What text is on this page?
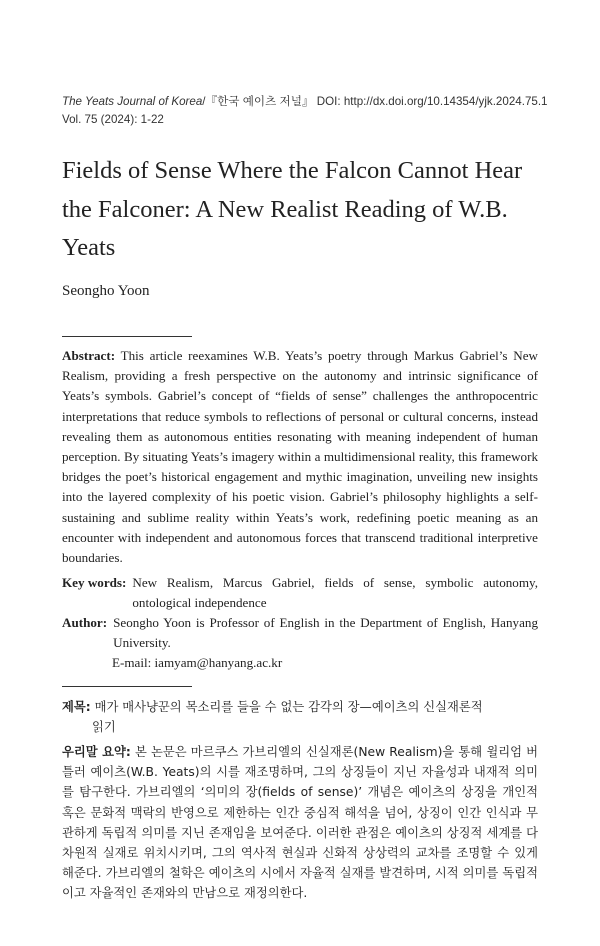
The Yeats Journal of Korea/『한국 예이츠 저널』 DOI: http://dx.doi.org/10.14354/yjk.2024.75.1
Vol. 75 (2024): 1-22
Fields of Sense Where the Falcon Cannot Hear the Falconer: A New Realist Reading of W.B. Yeats
Seongho Yoon
Abstract: This article reexamines W.B. Yeats’s poetry through Markus Gabriel’s New Realism, providing a fresh perspective on the autonomy and intrinsic significance of Yeats’s symbols. Gabriel’s concept of “fields of sense” challenges the anthropocentric interpretations that reduce symbols to reflections of personal or cultural concerns, instead revealing them as autonomous entities resonating with meaning independent of human perception. By situating Yeats’s imagery within a multidimensional reality, this framework bridges the poet’s historical engagement and mythic imagination, unveiling new insights into the layered complexity of his poetic vision. Gabriel’s philosophy highlights a self-sustaining and sublime reality within Yeats’s work, redefining poetic meaning as an encounter with independent and autonomous forces that transcend traditional interpretive boundaries.
Key words: New Realism, Marcus Gabriel, fields of sense, symbolic autonomy, ontological independence
Author: Seongho Yoon is Professor of English in the Department of English, Hanyang University.
E-mail: iamyam@hanyang.ac.kr
제목: 매가 매사냥꾼의 목소리를 들을 수 없는 감각의 장—예이츠의 신실재론적
읽기
우리말 요약: 본 논문은 마르쿠스 가브리엘의 신실재론(New Realism)을 통해 윌리엄 버틀러 예이츠(W.B. Yeats)의 시를 재조명하며, 그의 상징들이 지닌 자율성과 내재적 의미를 탐구한다. 가브리엘의 ‘의미의 장(fields of sense)’ 개념은 예이츠의 상징을 개인적 혹은 문화적 맥락의 반영으로 제한하는 인간 중심적 해석을 넘어, 상징이 인간 인식과 무관하게 독립적 의미를 지닌 존재임을 보여준다. 이러한 관점은 예이츠의 상징적 세계를 다차원적 실재로 위치시키며, 그의 역사적 현실과 신화적 상상력의 교차를 조명할 수 있게 해준다. 가브리엘의 철학은 예이츠의 시에서 자율적 실재를 발견하며, 시적 의미를 독립적이고 자율적인 존재와의 만남으로 재정의한다.
